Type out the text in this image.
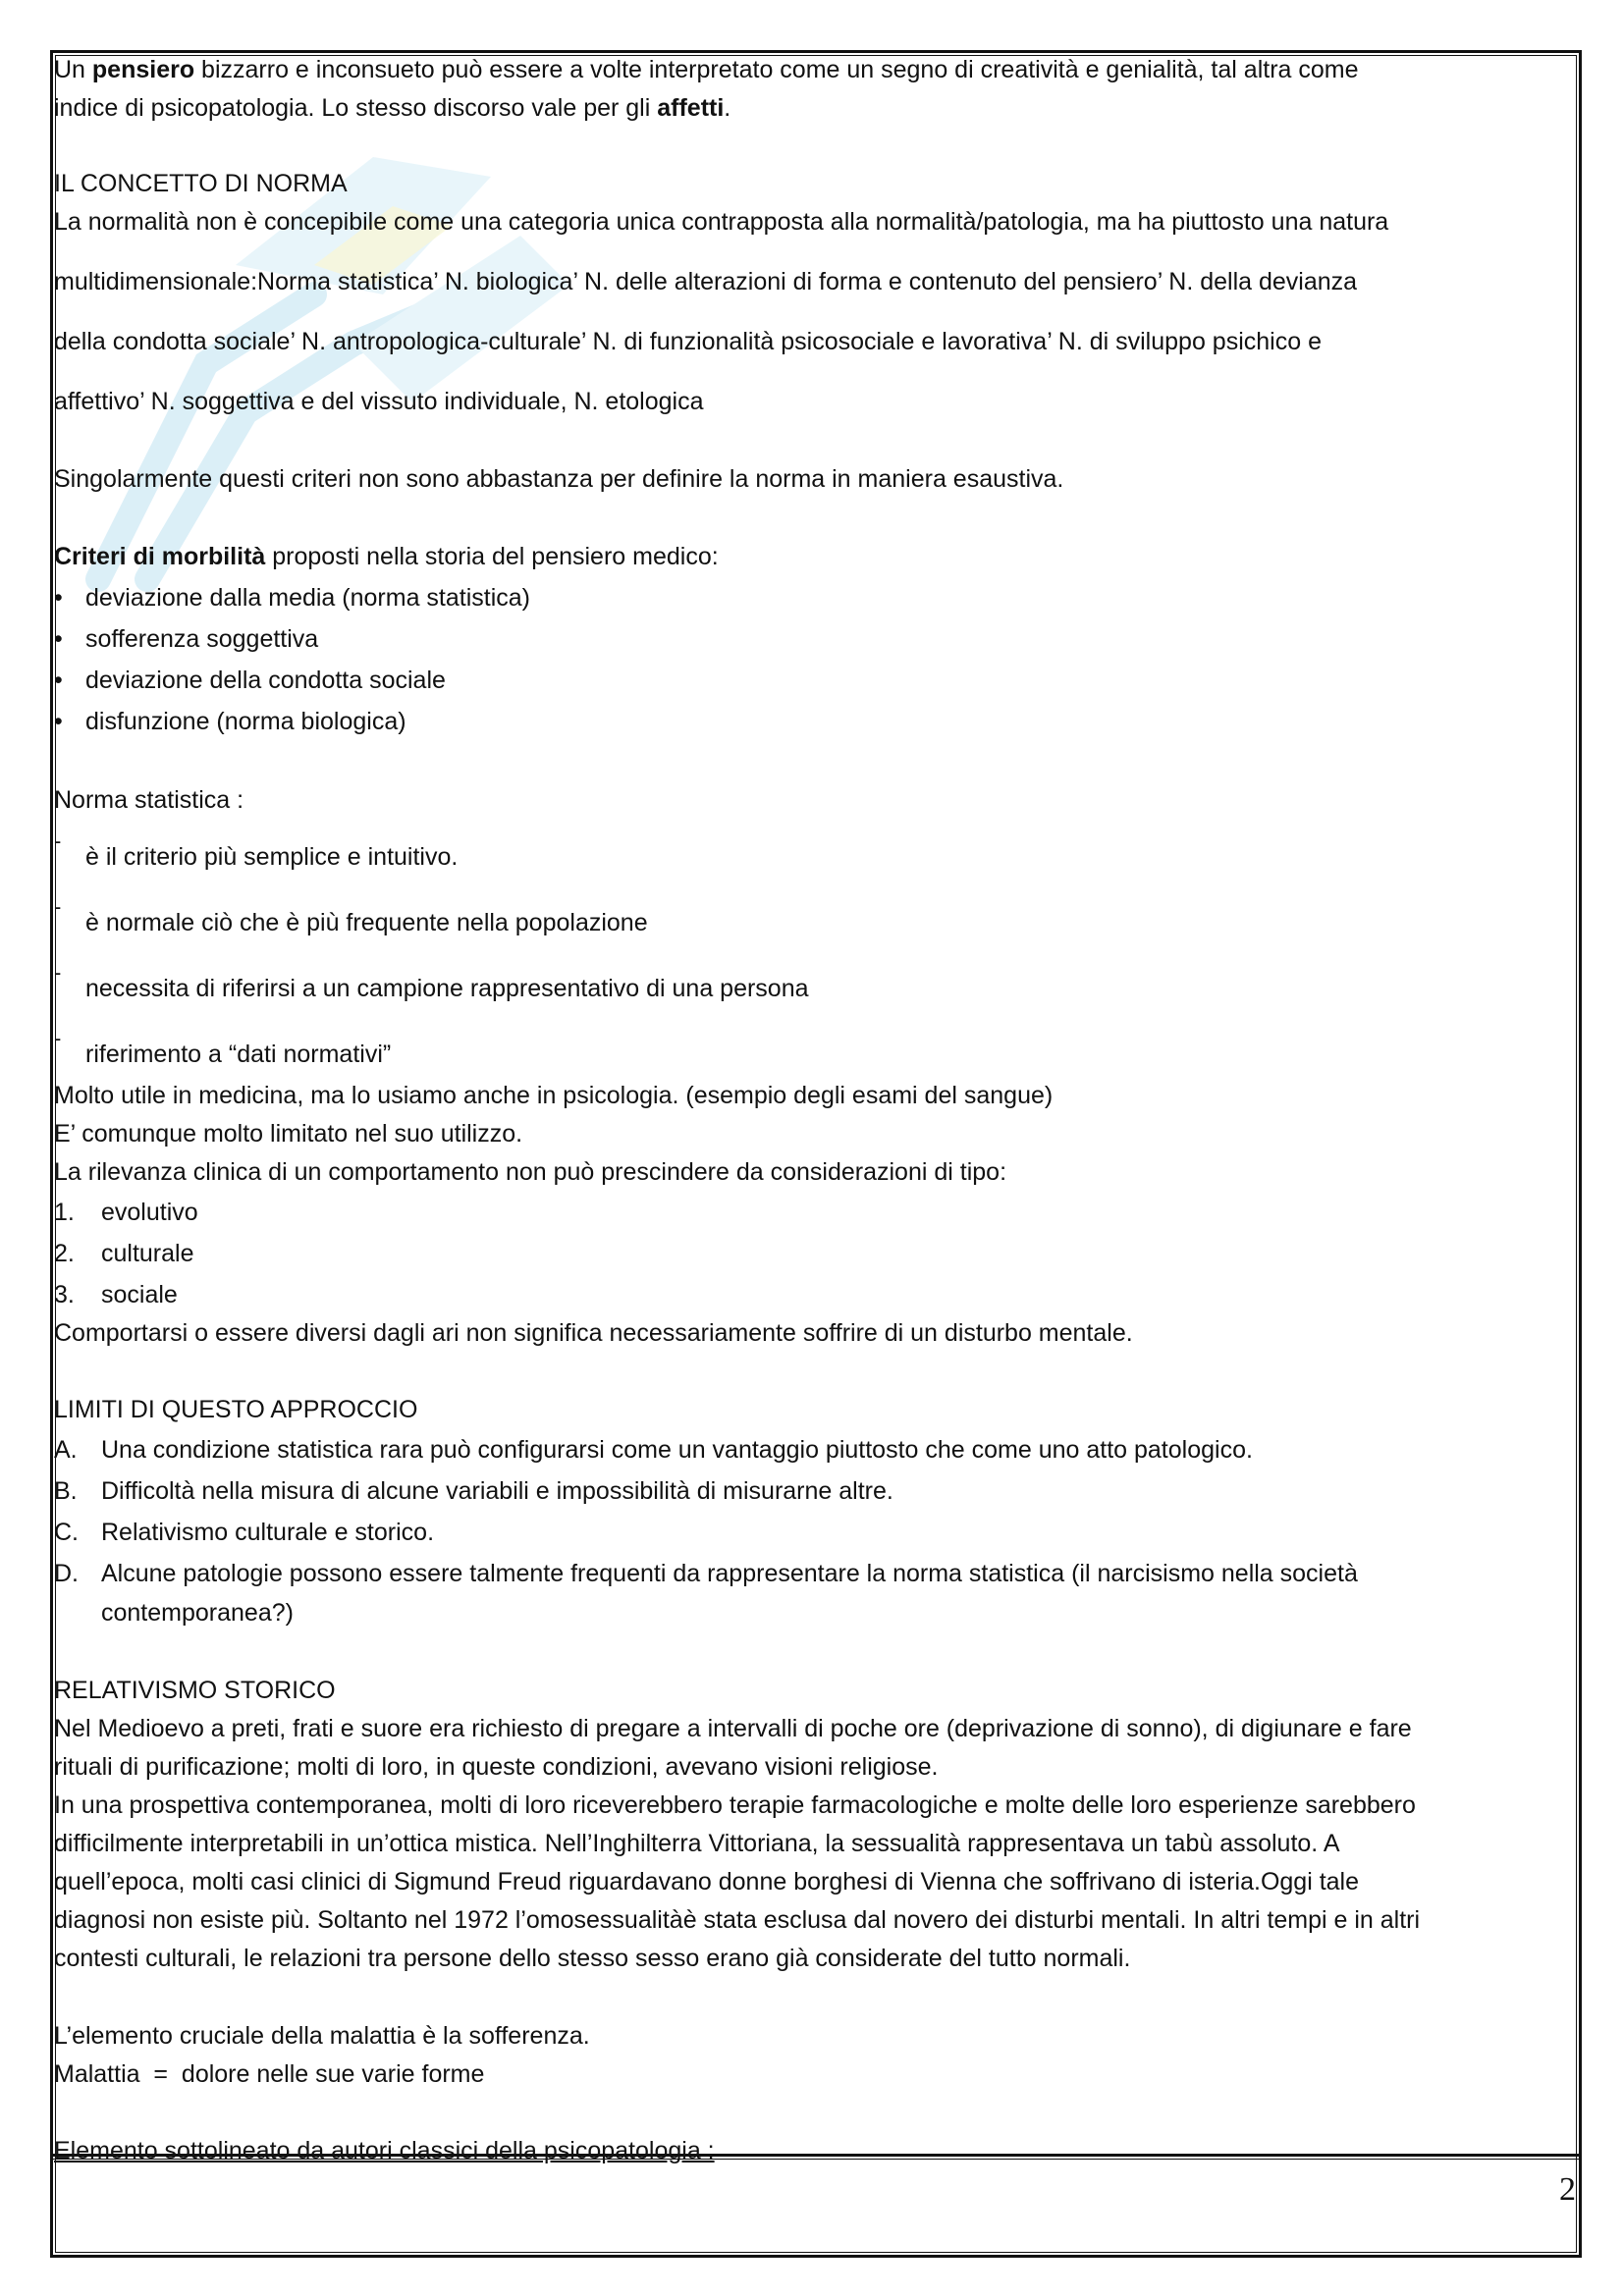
2
Un pensiero bizzarro e inconsueto può essere a volte interpretato come un segno di creatività e genialità, tal altra come
indice di psicopatologia. Lo stesso discorso vale per gli affetti.
IL CONCETTO DI NORMA
La normalità non è concepibile come una categoria unica contrapposta alla normalità/patologia, ma ha piuttosto una natura
multidimensionale:Norma statistica’ N. biologica’ N. delle alterazioni di forma e contenuto del pensiero’ N. della devianza
della condotta sociale’ N. antropologica-culturale’ N. di funzionalità psicosociale e lavorativa’ N. di sviluppo psichico e
affettivo’ N. soggettiva e del vissuto individuale, N. etologica
Singolarmente questi criteri non sono abbastanza per definire la norma in maniera esaustiva.
Criteri di morbilità proposti nella storia del pensiero medico:
• deviazione dalla media (norma statistica)
• sofferenza soggettiva
• deviazione della condotta sociale
• disfunzione (norma biologica)
Norma statistica :
-
è il criterio più semplice e intuitivo.
-
è normale ciò che è più frequente nella popolazione
-
necessita di riferirsi a un campione rappresentativo di una persona
-
riferimento a “dati normativi”
Molto utile in medicina, ma lo usiamo anche in psicologia. (esempio degli esami del sangue)
E’ comunque molto limitato nel suo utilizzo.
La rilevanza clinica di un comportamento non può prescindere da considerazioni di tipo:
1. evolutivo
2. culturale
3. sociale
Comportarsi o essere diversi dagli ari non significa necessariamente soffrire di un disturbo mentale.
LIMITI DI QUESTO APPROCCIO
A. Una condizione statistica rara può configurarsi come un vantaggio piuttosto che come uno atto patologico.
B. Difficoltà nella misura di alcune variabili e impossibilità di misurarne altre.
C. Relativismo culturale e storico.
D. Alcune patologie possono essere talmente frequenti da rappresentare la norma statistica (il narcisismo nella società
contemporanea?)
RELATIVISMO STORICO
Nel Medioevo a preti, frati e suore era richiesto di pregare a intervalli di poche ore (deprivazione di sonno), di digiunare e fare
rituali di purificazione; molti di loro, in queste condizioni, avevano visioni religiose.
In una prospettiva contemporanea, molti di loro riceverebbero terapie farmacologiche e molte delle loro esperienze sarebbero
difficilmente interpretabili in un’ottica mistica. Nell’Inghilterra Vittoriana, la sessualità rappresentava un tabù assoluto. A
quell’epoca, molti casi clinici di Sigmund Freud riguardavano donne borghesi di Vienna che soffrivano di isteria.Oggi tale
diagnosi non esiste più. Soltanto nel 1972 l’omosessualitàè stata esclusa dal novero dei disturbi mentali. In altri tempi e in altri
contesti culturali, le relazioni tra persone dello stesso sesso erano già considerate del tutto normali.
L’elemento cruciale della malattia è la sofferenza.
Malattia  =  dolore nelle sue varie forme
Elemento sottolineato da autori classici della psicopatologia :
